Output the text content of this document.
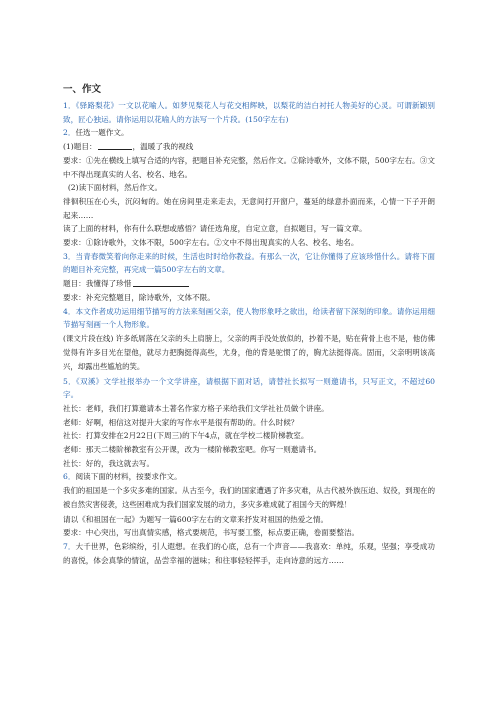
一、作文

1．《驿路梨花》一文以花喻人。如梦见梨花人与花交相辉映，以梨花的洁白衬托人物美好的心灵。可谓新颖别致，匠心独运。请你运用以花喻人的方法写一个片段。(150字左右)

2．任选一题作文。

(1)题目：	，温暖了我的视线

要求：①先在横线上填写合适的内容，把题目补充完整，然后作文。②除诗歌外，文体不限，500字左右。③文中不得出现真实的人名、校名、地名。

(2)读下面材料，然后作文。

徘徊积压在心头，沉闷甸的。她在房间里走来走去，无意间打开窗户，蔓延的绿意扑面而来，心情一下子开朗起来……

读了上面的材料，你有什么联想或感悟？请任选角度，自定立意，自拟题目，写一篇文章。

要求：①除诗歌外，文体不限，500字左右。②文中不得出现真实的人名、校名、地名。

3．当青春微笑着向你走来的时候，生活也时时给你教益。有那么一次，它让你懂得了应该珍惜什么。请将下面的题目补充完整，再完成一篇500字左右的文章。

题目：我懂得了珍惜

要求：补充完整题目，除诗歌外，文体不限。

4．本文作者成功运用细节描写的方法来刻画父亲，使人物形象呼之欲出，给读者留下深刻的印象。请你运用细节描写刻画一个人物形象。

(课文片段在线) 许多纸屑落在父亲的头上肩膀上，父亲的两手没处放似的，抄着不是，贴在荷骨上也不是，他仿佛觉得有许多目光在望他，就尽力把胸挺得高些，尤身，他的背是驼惯了的，胸尤法挺得高。固而，父亲明明该高兴，却露出些尴尬的笑。

5．《双溪》文学社报举办一个文学讲座，请根据下面对话，请替社长拟写一则邀请书，只写正文，不超过60字。

社长：老师，我们打算邀请本土著名作家方格子来给我们文学社社员做个讲座。

老师：好啊，相信这对提升大家的写作水平是很有帮助的。什么时候？

社长：打算安排在2月22日(下周三)的下午4点，就在学校二楼阶梯教室。

老师：那天二楼阶梯教室有公开课，改为一楼阶梯教室吧。你写一则邀请书。

社长：好的，我这就去写。

6．阅读下面的材料，按要求作文。

我们的祖国是一个多灾多难的国家。从古至今，我们的国家遭遇了许多灾难，从古代被外族压迫、奴役，到现在的被自然灾害侵袭，这些困难成为我们国家发展的动力，多灾多难成就了祖国今天的辉煌！

请以《和祖国在一起》为题写一篇600字左右的文章来抒发对祖国的热爱之情。

要求：中心突出，写出真情实感，格式要规范，书写要工整，标点要正确，卷面要整洁。

7．大千世界，色彩缤纷，引人遐想。在我们的心底，总有一个声音——我喜欢：单纯，乐观，坚强；享受成功的喜悦，体会真挚的情谊，品尝幸福的滋味；和往事轻轻挥手，走向诗意的远方……
